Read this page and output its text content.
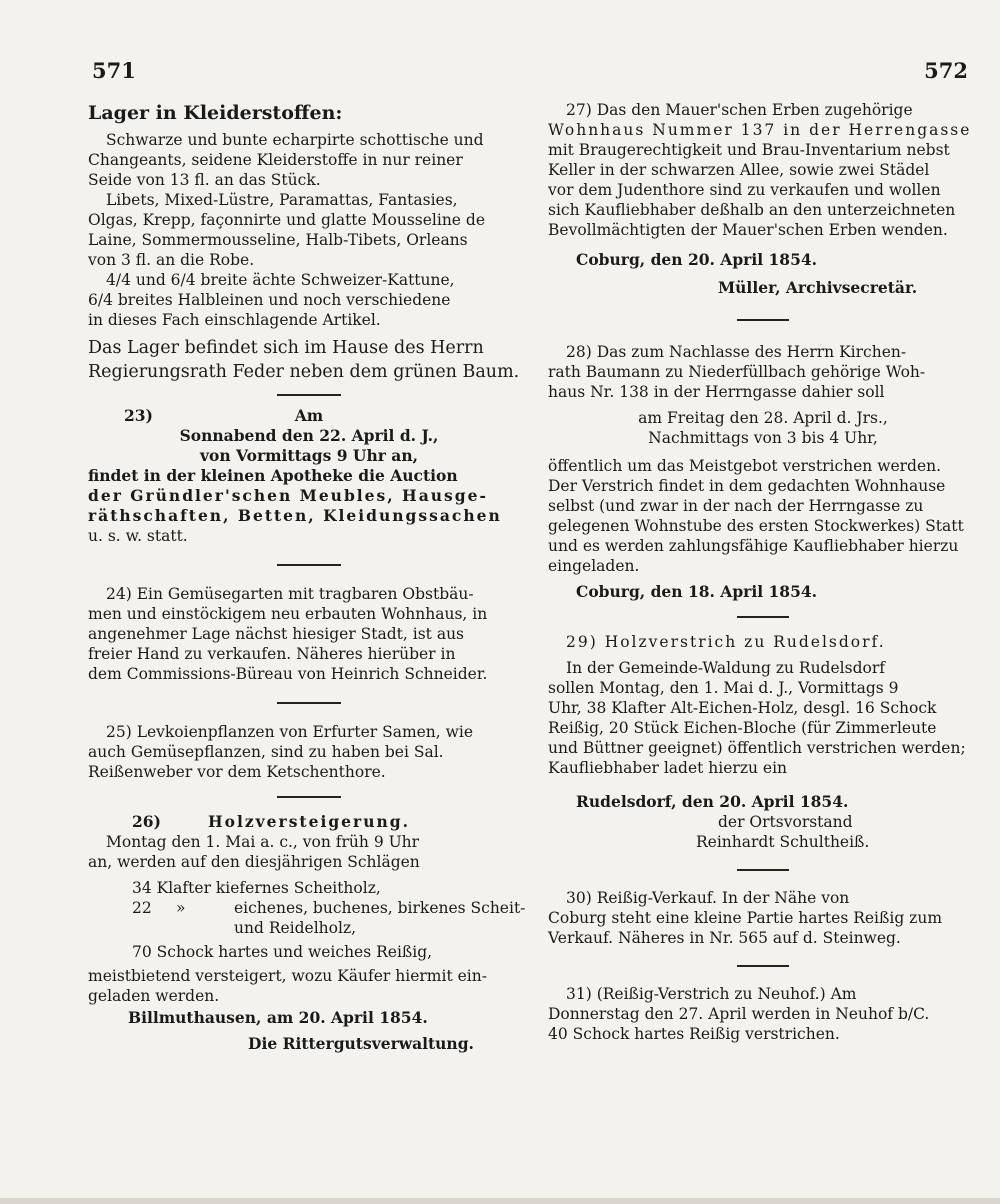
571	572

Lager in Kleiderstoffen:

Schwarze und bunte echarpirte schottische und

Changeants, seidene Kleiderstoffe in nur reiner

Seide von 13 fl. an das Stück.

Libets, Mixed-Lüstre, Paramattas, Fantasies,

Olgas, Krepp, façonnirte und glatte Mousseline de

Laine, Sommermousseline, Halb-Tibets, Orleans

von 3 fl. an die Robe.

4/4 und 6/4 breite ächte Schweizer-Kattune,

6/4 breites Halbleinen und noch verschiedene

in dieses Fach einschlagende Artikel.

Das Lager befindet sich im Hause des Herrn

Regierungsrath Feder neben dem grünen Baum.

23)	Am

Sonnabend den 22. April d. J.,

von Vormittags 9 Uhr an,

findet in der kleinen Apotheke die Auction

der Gründler'schen Meubles, Hausge-

räthschaften, Betten, Kleidungssachen

u. s. w. statt.

24) Ein Gemüsegarten mit tragbaren Obstbäu-

men und einstöckigem neu erbauten Wohnhaus, in

angenehmer Lage nächst hiesiger Stadt, ist aus

freier Hand zu verkaufen. Näheres hierüber in

dem Commissions-Büreau von Heinrich Schneider.

25) Levkoienpflanzen von Erfurter Samen, wie

auch Gemüsepflanzen, sind zu haben bei Sal.

Reißenweber vor dem Ketschenthore.

26)	Holzversteigerung.

Montag den 1. Mai a. c., von früh 9 Uhr

an, werden auf den diesjährigen Schlägen

34 Klafter kiefernes Scheitholz,

22	»	eichenes, buchenes, birkenes Scheit-

und Reidelholz,

70 Schock hartes und weiches Reißig,

meistbietend versteigert, wozu Käufer hiermit ein-

geladen werden.

Billmuthausen, am 20. April 1854.

Die Rittergutsverwaltung.

27) Das den Mauer'schen Erben zugehörige

Wohnhaus Nummer 137 in der Herrengasse

mit Braugerechtigkeit und Brau-Inventarium nebst

Keller in der schwarzen Allee, sowie zwei Städel

vor dem Judenthore sind zu verkaufen und wollen

sich Kaufliebhaber deßhalb an den unterzeichneten

Bevollmächtigten der Mauer'schen Erben wenden.

Coburg, den 20. April 1854.

Müller, Archivsecretär.

28) Das zum Nachlasse des Herrn Kirchen-

rath Baumann zu Niederfüllbach gehörige Woh-

haus Nr. 138 in der Herrngasse dahier soll

am Freitag den 28. April d. Jrs.,

Nachmittags von 3 bis 4 Uhr,

öffentlich um das Meistgebot verstrichen werden.

Der Verstrich findet in dem gedachten Wohnhause

selbst (und zwar in der nach der Herrngasse zu

gelegenen Wohnstube des ersten Stockwerkes) Statt

und es werden zahlungsfähige Kaufliebhaber hierzu

eingeladen.

Coburg, den 18. April 1854.

29) Holzverstrich zu Rudelsdorf.

In der Gemeinde-Waldung zu Rudelsdorf

sollen Montag, den 1. Mai d. J., Vormittags 9

Uhr, 38 Klafter Alt-Eichen-Holz, desgl. 16 Schock

Reißig, 20 Stück Eichen-Bloche (für Zimmerleute

und Büttner geeignet) öffentlich verstrichen werden;

Kaufliebhaber ladet hierzu ein

Rudelsdorf, den 20. April 1854.

der Ortsvorstand

Reinhardt Schultheiß.

30) Reißig-Verkauf. In der Nähe von

Coburg steht eine kleine Partie hartes Reißig zum

Verkauf. Näheres in Nr. 565 auf d. Steinweg.

31) (Reißig-Verstrich zu Neuhof.) Am

Donnerstag den 27. April werden in Neuhof b/C.

40 Schock hartes Reißig verstrichen.
